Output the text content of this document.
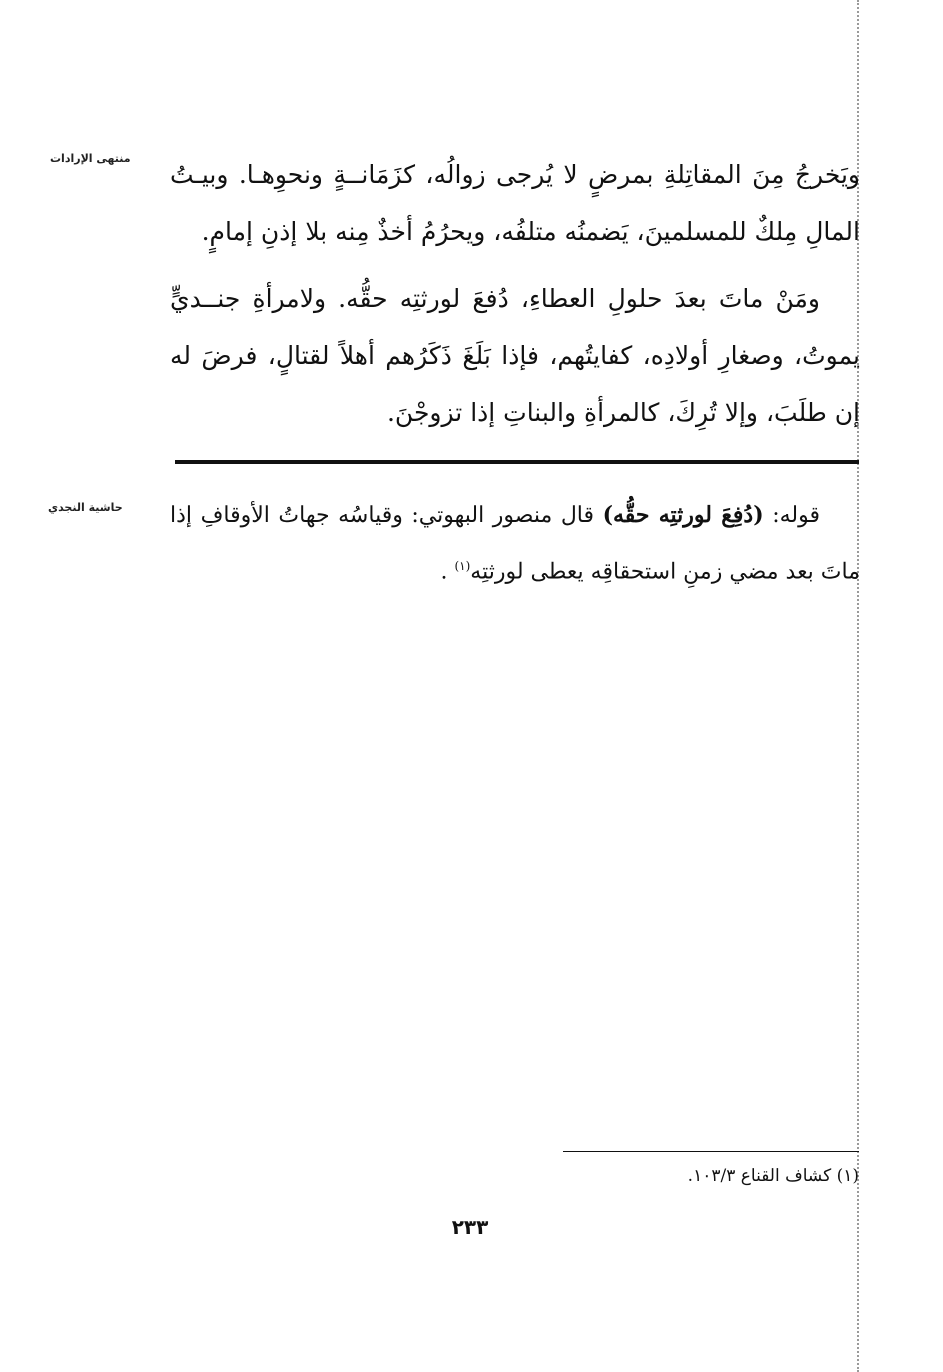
منتهى الإرادات

ويَخرجُ مِنَ المقاتِلةِ بمرضٍ لا يُرجى زوالُه، كزَمَانــةٍ ونحوِهـا. وبيـتُ المالِ مِلكٌ للمسلمينَ، يَضمنُه متلفُه، ويحرُمُ أخذٌ مِنه بلا إذنِ إمامٍ.

ومَنْ ماتَ بعدَ حلولِ العطاءِ، دُفعَ لورثتِه حقُّه. ولامرأةِ جنــديٍّ يموتُ، وصغارِ أولادِه، كفايتُهم، فإذا بَلَغَ ذَكَرُهم أهلاً لقتالٍ، فرضَ له إن طلَبَ، وإلا تُرِكَ، كالمرأةِ والبناتِ إذا تزوجْنَ.

حاشية النجدي	قوله: (دُفِعَ لورثتِه حقُّه) قال منصور البهوتي: وقياسُه جهاتُ الأوقافِ إذا ماتَ بعد مضي زمنِ استحقاقِه يعطى لورثتِه$^{(١)}$ .

(١) كشاف القناع ١٠٣/٣.
٢٣٣
